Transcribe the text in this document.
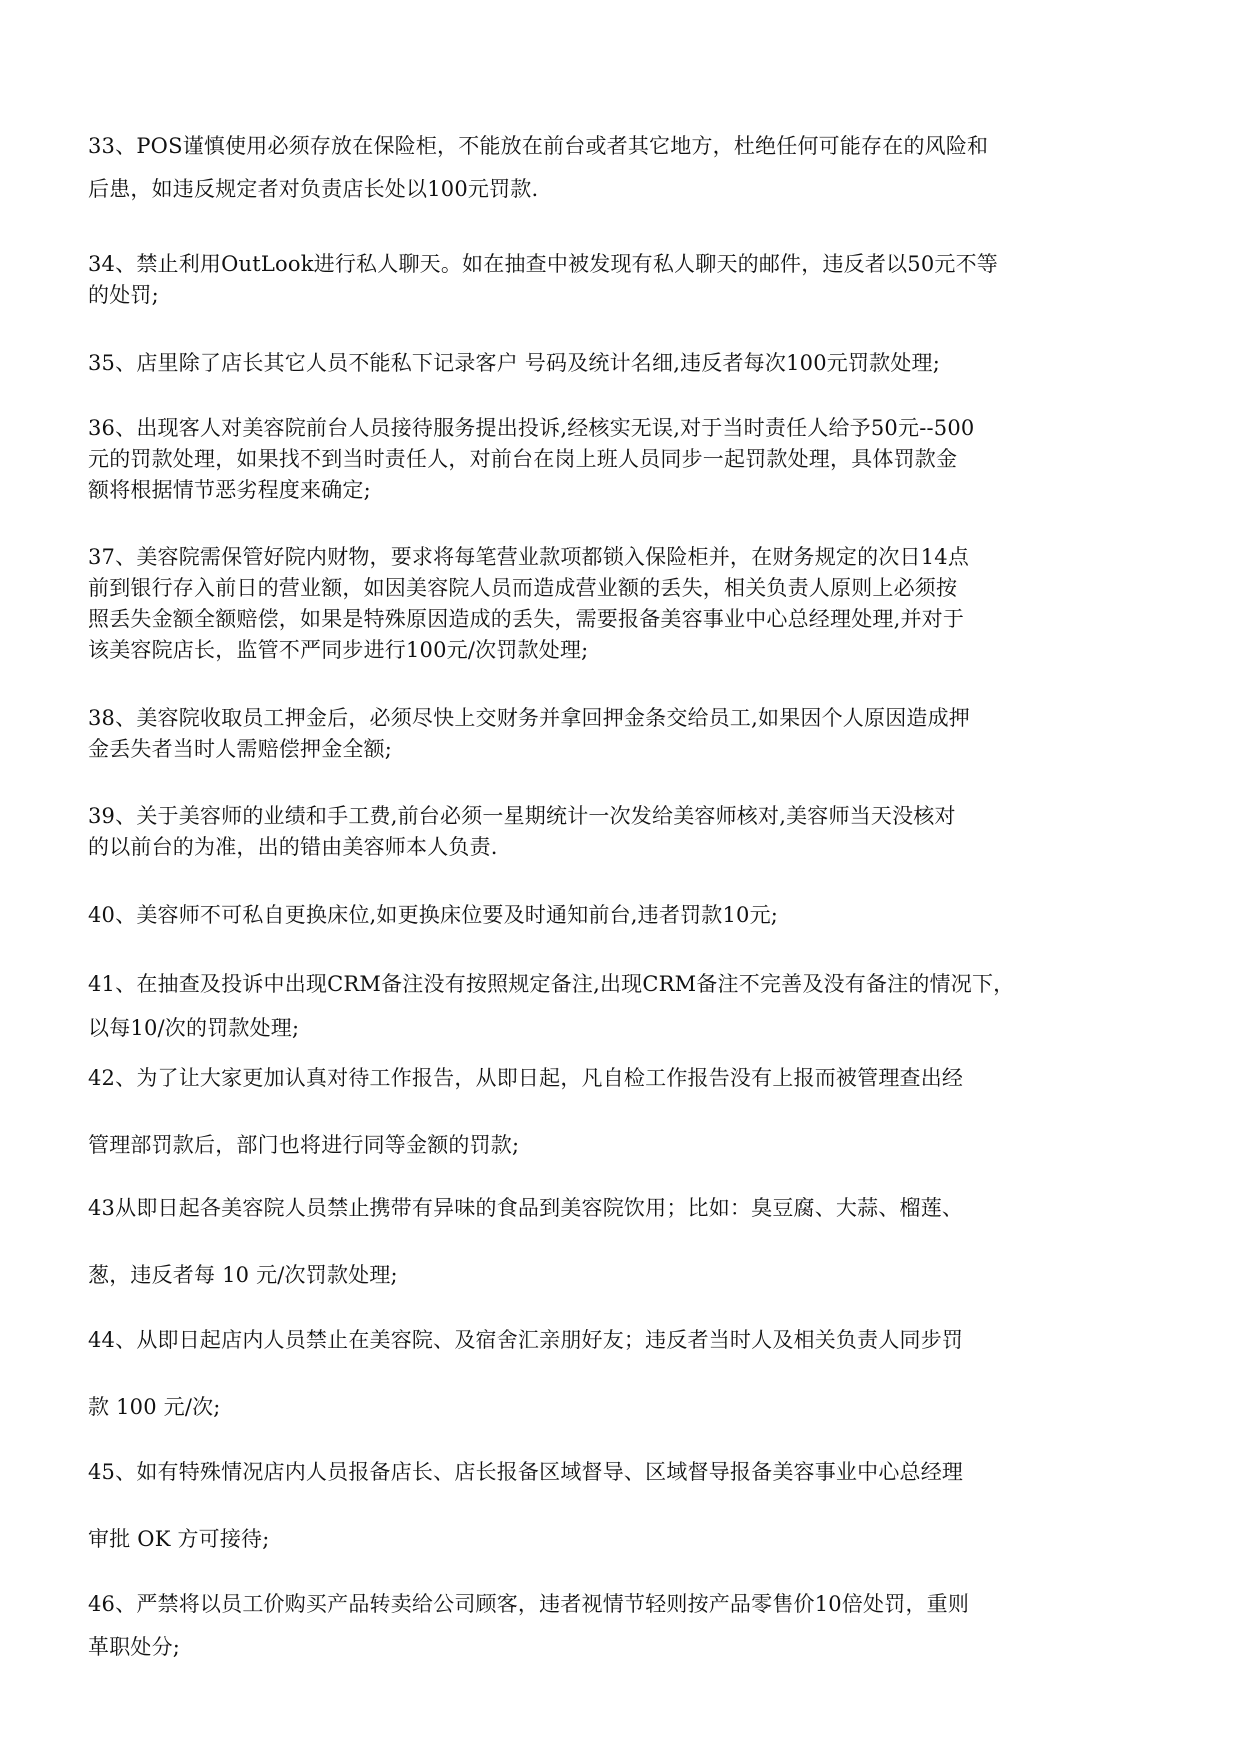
33、POS谨慎使用必须存放在保险柜，不能放在前台或者其它地方，杜绝任何可能存在的风险和
后患，如违反规定者对负责店长处以100元罚款.
34、禁止利用OutLook进行私人聊天。如在抽查中被发现有私人聊天的邮件，违反者以50元不等
的处罚;
35、店里除了店长其它人员不能私下记录客户 号码及统计名细,违反者每次100元罚款处理;
36、出现客人对美容院前台人员接待服务提出投诉,经核实无误,对于当时责任人给予50元--500
元的罚款处理，如果找不到当时责任人，对前台在岗上班人员同步一起罚款处理，具体罚款金
额将根据情节恶劣程度来确定;
37、美容院需保管好院内财物，要求将每笔营业款项都锁入保险柜并，在财务规定的次日14点
前到银行存入前日的营业额，如因美容院人员而造成营业额的丢失，相关负责人原则上必须按
照丢失金额全额赔偿，如果是特殊原因造成的丢失，需要报备美容事业中心总经理处理,并对于
该美容院店长，监管不严同步进行100元/次罚款处理;
38、美容院收取员工押金后，必须尽快上交财务并拿回押金条交给员工,如果因个人原因造成押
金丢失者当时人需赔偿押金全额;
39、关于美容师的业绩和手工费,前台必须一星期统计一次发给美容师核对,美容师当天没核对
的以前台的为准，出的错由美容师本人负责.
40、美容师不可私自更换床位,如更换床位要及时通知前台,违者罚款10元;
41、在抽查及投诉中出现CRM备注没有按照规定备注,出现CRM备注不完善及没有备注的情况下，
以每10/次的罚款处理;
42、为了让大家更加认真对待工作报告，从即日起，凡自检工作报告没有上报而被管理查出经
管理部罚款后，部门也将进行同等金额的罚款;
43从即日起各美容院人员禁止携带有异味的食品到美容院饮用；比如：臭豆腐、大蒜、榴莲、
葱，违反者每 10 元/次罚款处理;
44、从即日起店内人员禁止在美容院、及宿舍汇亲朋好友；违反者当时人及相关负责人同步罚
款 100 元/次;
45、如有特殊情况店内人员报备店长、店长报备区域督导、区域督导报备美容事业中心总经理
审批 OK 方可接待;
46、严禁将以员工价购买产品转卖给公司顾客，违者视情节轻则按产品零售价10倍处罚，重则
革职处分;
